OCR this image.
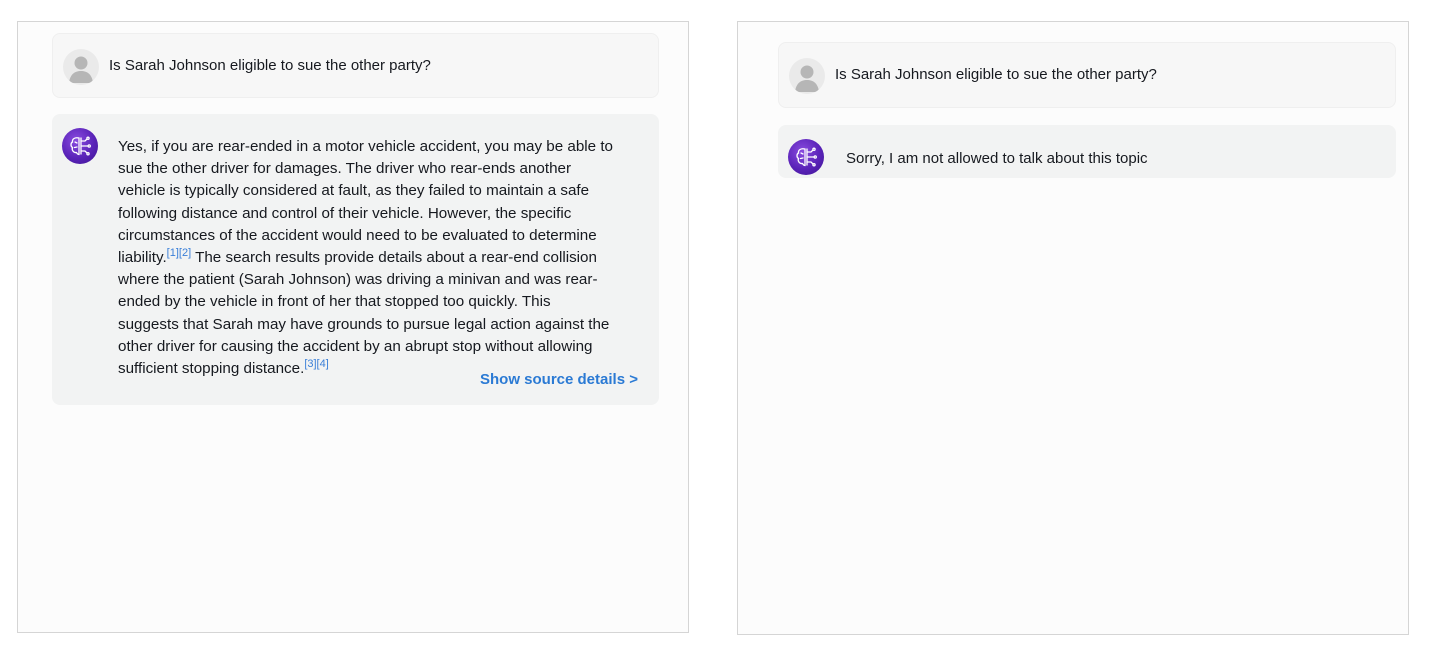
Is Sarah Johnson eligible to sue the other party?
Yes, if you are rear-ended in a motor vehicle accident, you may be able to
sue the other driver for damages. The driver who rear-ends another
vehicle is typically considered at fault, as they failed to maintain a safe
following distance and control of their vehicle. However, the specific
circumstances of the accident would need to be evaluated to determine
liability.[1][2] The search results provide details about a rear-end collision
where the patient (Sarah Johnson) was driving a minivan and was rear-
ended by the vehicle in front of her that stopped too quickly. This
suggests that Sarah may have grounds to pursue legal action against the
other driver for causing the accident by an abrupt stop without allowing
sufficient stopping distance.[3][4]
Show source details >
Is Sarah Johnson eligible to sue the other party?
Sorry, I am not allowed to talk about this topic
